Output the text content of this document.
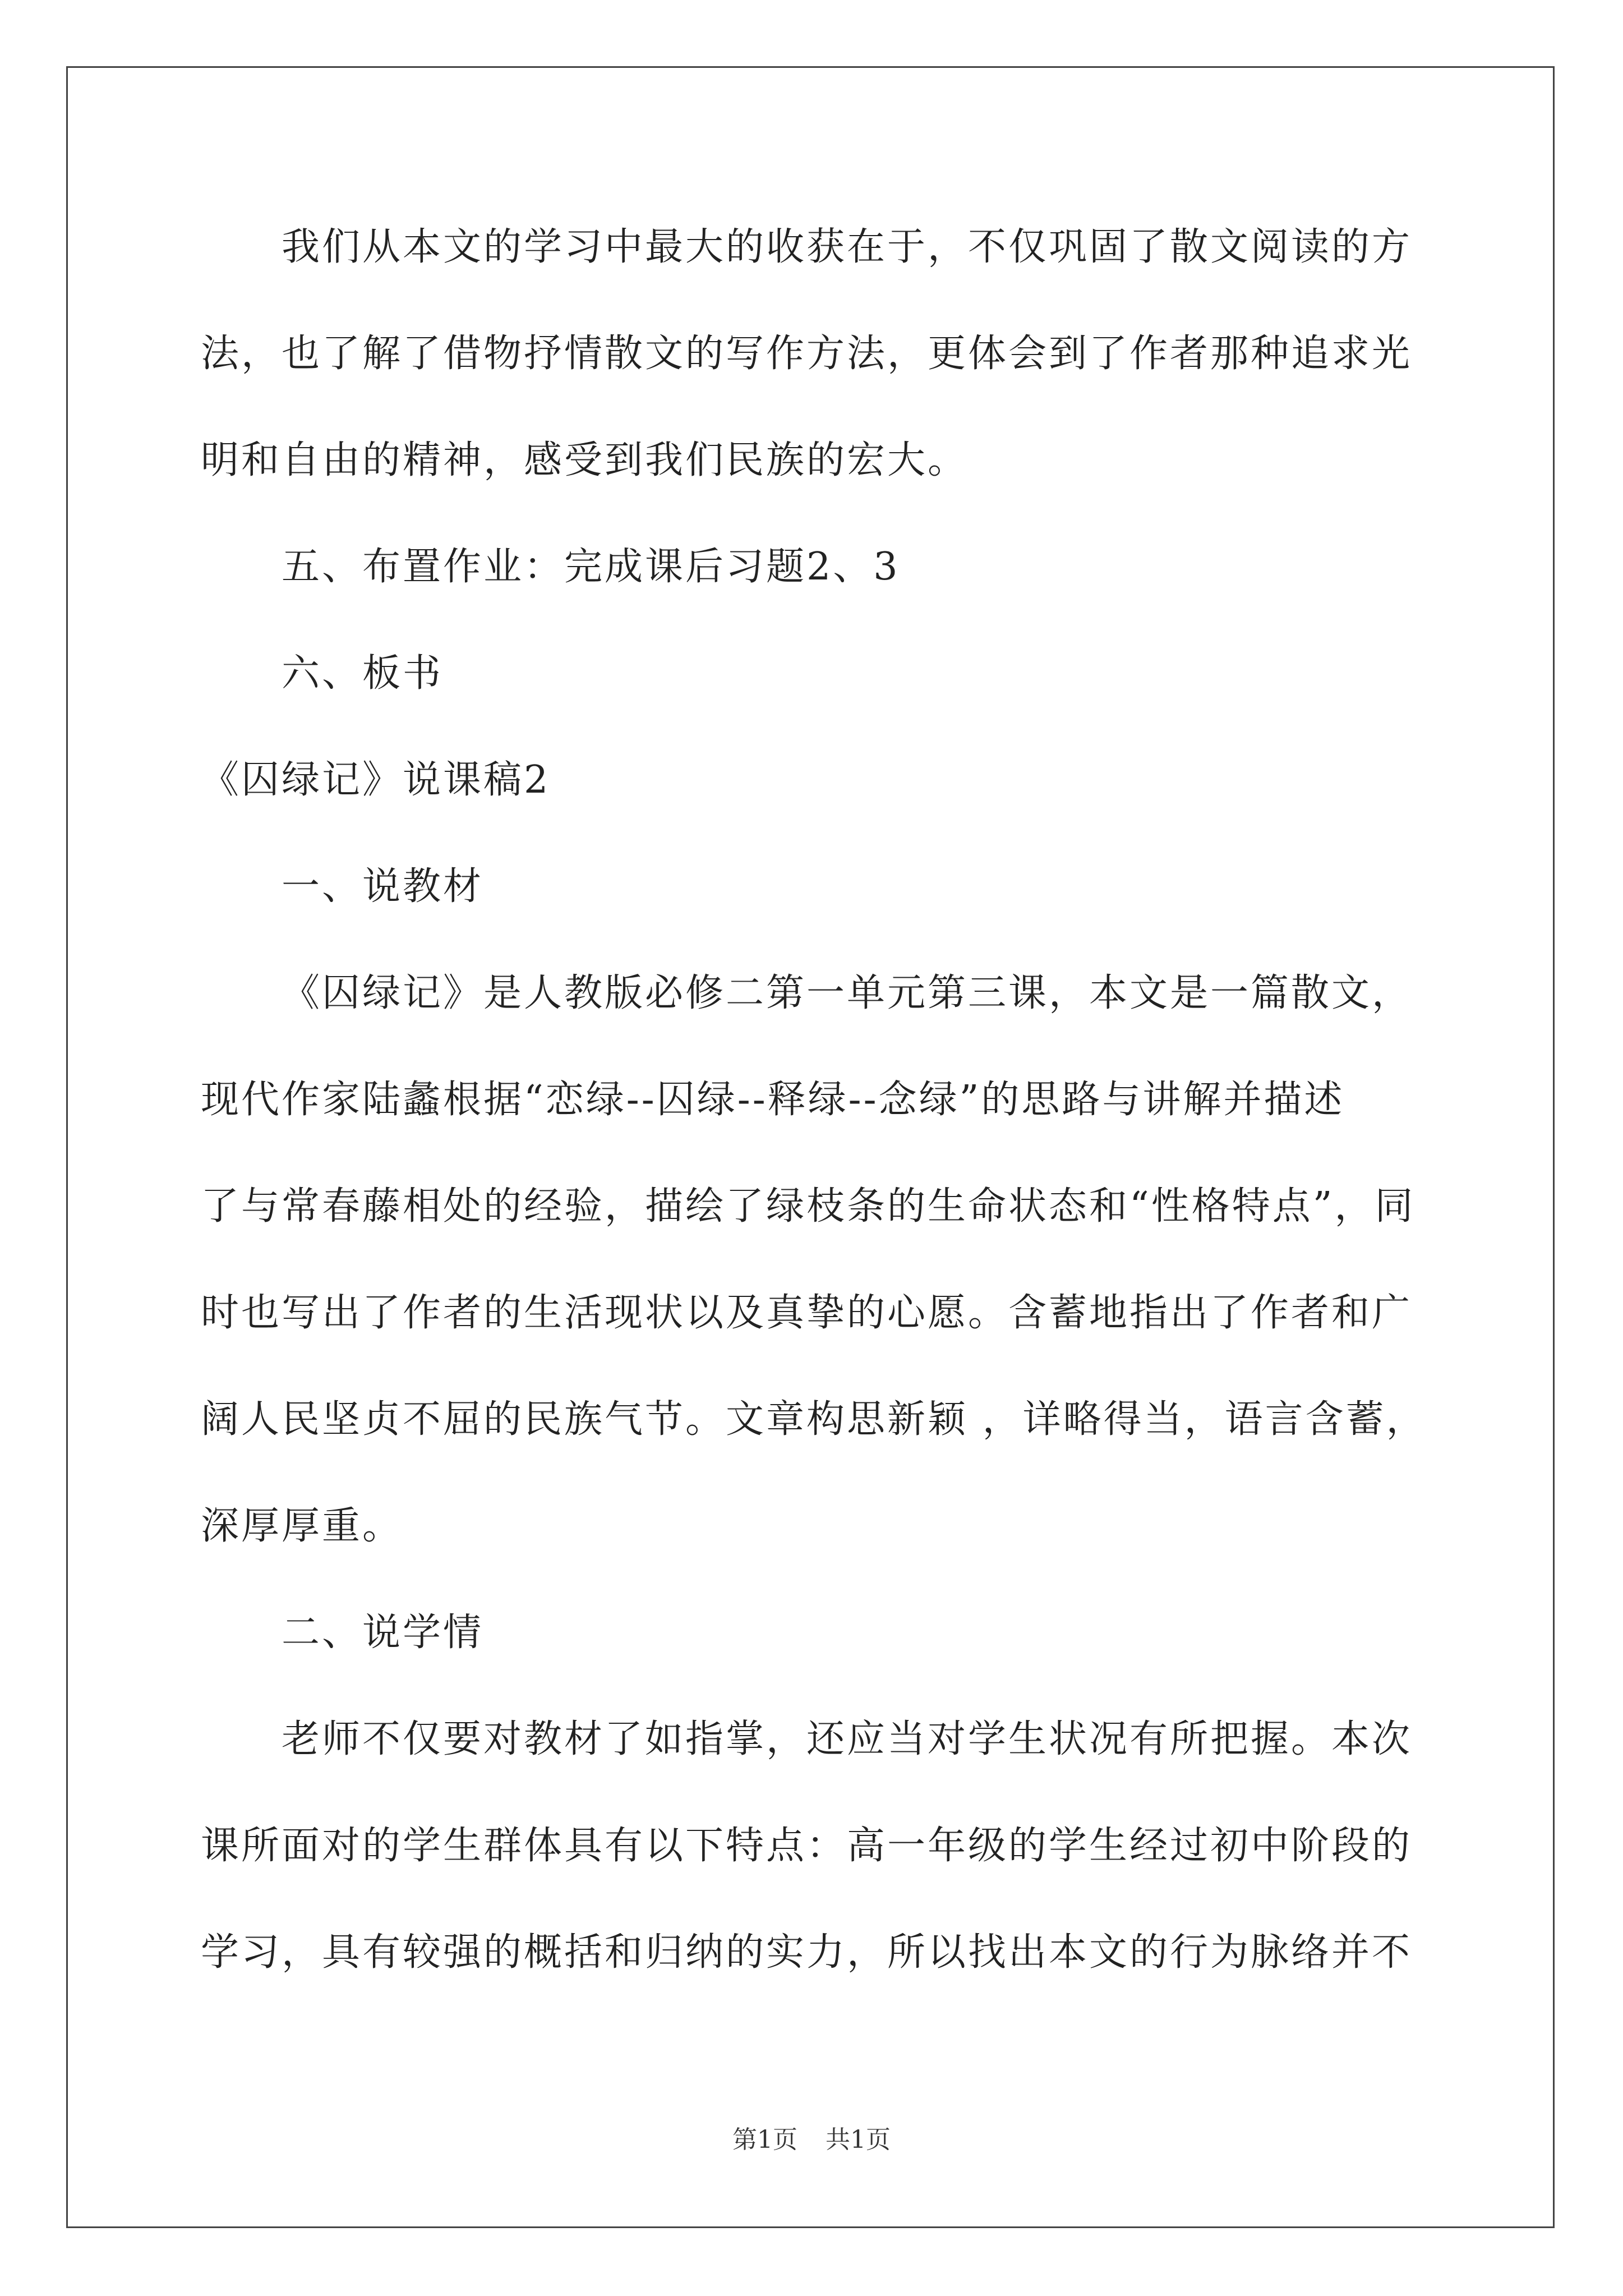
我们从本文的学习中最大的收获在于，不仅巩固了散文阅读的方
法，也了解了借物抒情散文的写作方法，更体会到了作者那种追求光
明和自由的精神，感受到我们民族的宏大。
五、布置作业：完成课后习题2、3
六、板书
《囚绿记》说课稿2
一、说教材
《囚绿记》是人教版必修二第一单元第三课，本文是一篇散文，
现代作家陆蠡根据“恋绿--囚绿--释绿--念绿”的思路与讲解并描述
了与常春藤相处的经验，描绘了绿枝条的生命状态和“性格特点”，同
时也写出了作者的生活现状以及真挚的心愿。含蓄地指出了作者和广
阔人民坚贞不屈的民族气节。文章构思新颖 ，详略得当，语言含蓄，
深厚厚重。
二、说学情
老师不仅要对教材了如指掌，还应当对学生状况有所把握。本次
课所面对的学生群体具有以下特点：高一年级的学生经过初中阶段的
学习，具有较强的概括和归纳的实力，所以找出本文的行为脉络并不
第1页 共1页
